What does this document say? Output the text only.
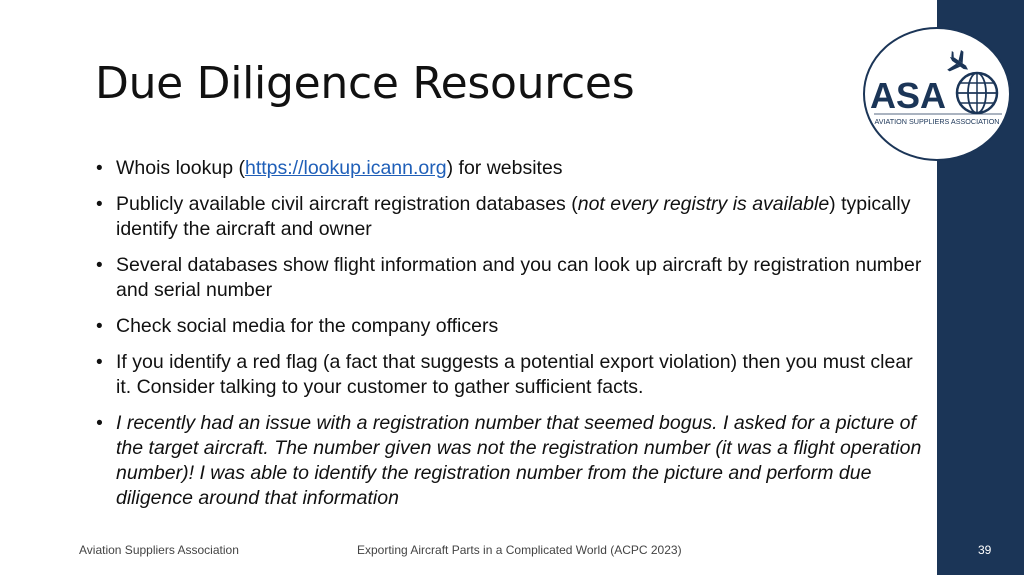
ASA
AVIATION SUPPLIERS ASSOCIATION
Due Diligence Resources
• Whois lookup (https://lookup.icann.org) for websites
• Publicly available civil aircraft registration databases (not every registry is available) typically identify the aircraft and owner
• Several databases show flight information and you can look up aircraft by registration number and serial number
• Check social media for the company officers
• If you identify a red flag (a fact that suggests a potential export violation) then you must clear it. Consider talking to your customer to gather sufficient facts.
• I recently had an issue with a registration number that seemed bogus. I asked for a picture of the target aircraft. The number given was not the registration number (it was a flight operation number)! I was able to identify the registration number from the picture and perform due diligence around that information
Aviation Suppliers Association	Exporting Aircraft Parts in a Complicated World (ACPC 2023)	39
